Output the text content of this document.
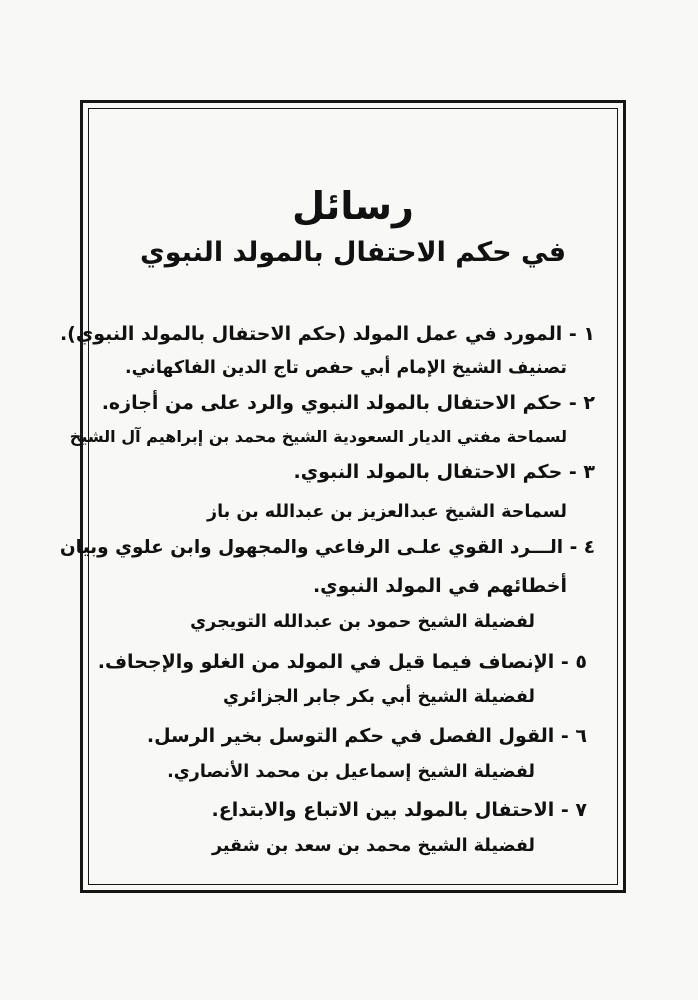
رسائل
في حكم الاحتفال بالمولد النبوي
١ - المورد في عمل المولد (حكم الاحتفال بالمولد النبوي).
تصنيف الشيخ الإمام أبي حفص تاج الدين الفاكهاني.
٢ - حكم الاحتفال بالمولد النبوي والرد على من أجازه.
لسماحة مفتي الديار السعودية الشيخ محمد بن إبراهيم آل الشيخ
٣ - حكم الاحتفال بالمولد النبوي.
لسماحة الشيخ عبدالعزيز بن عبدالله بن باز
٤ - الـــرد القوي علـى الرفاعي والمجهول وابن علوي وبيان
أخطائهم في المولد النبوي.
لفضيلة الشيخ حمود بن عبدالله التويجري
٥ - الإنصاف فيما قيل في المولد من الغلو والإجحاف.
لفضيلة الشيخ أبي بكر جابر الجزائري
٦ - القول الفصل في حكم التوسل بخير الرسل.
لفضيلة الشيخ إسماعيل بن محمد الأنصاري.
٧ - الاحتفال بالمولد بين الاتباع والابتداع.
لفضيلة الشيخ محمد بن سعد بن شقير
